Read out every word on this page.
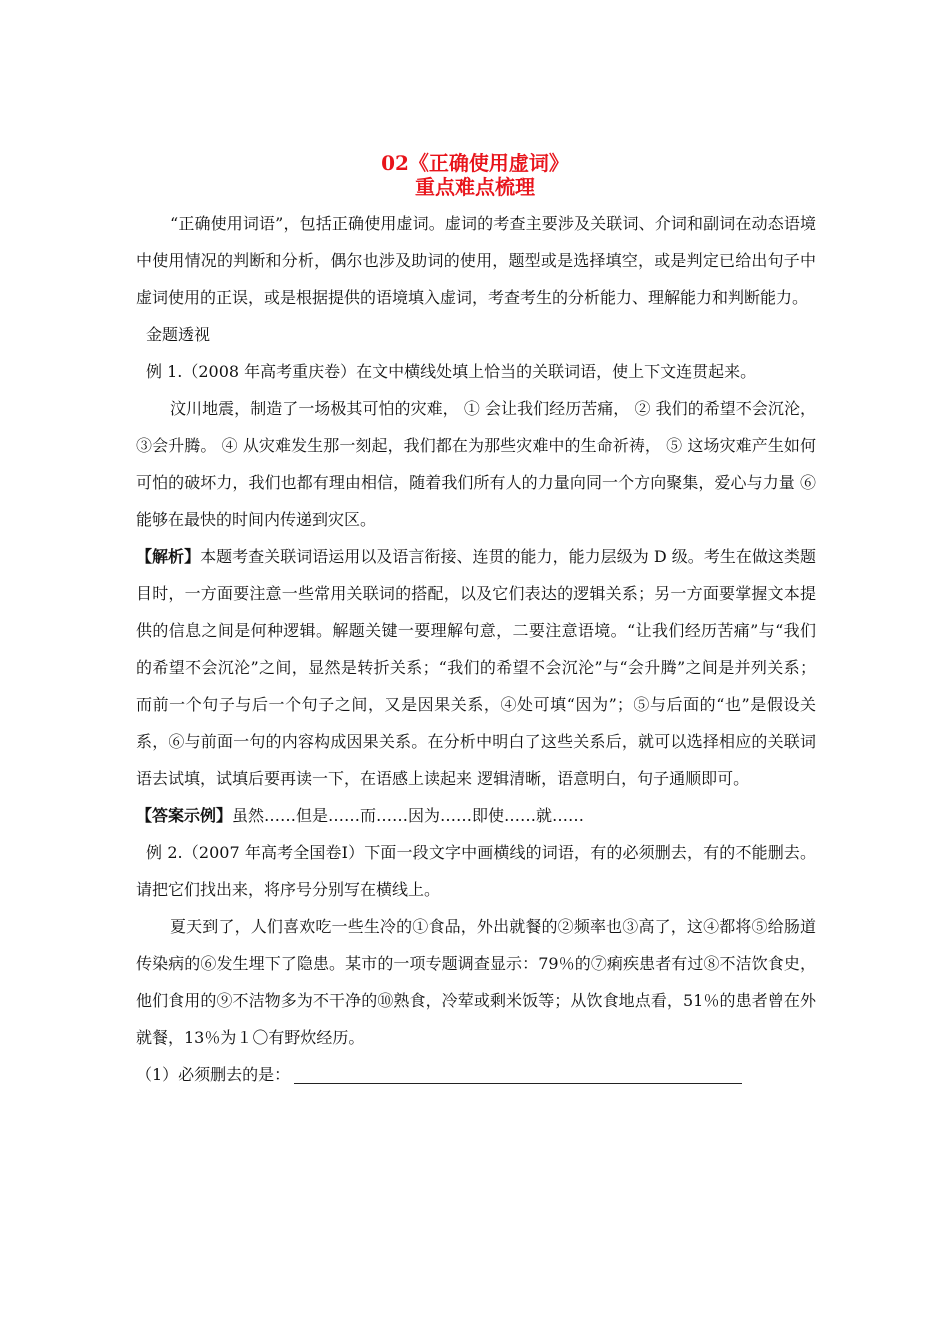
02《正确使用虚词》
重点难点梳理

“正确使用词语”，包括正确使用虚词。虚词的考查主要涉及关联词、介词和副词在动态语境中使用情况的判断和分析，偶尔也涉及助词的使用，题型或是选择填空，或是判定已给出句子中虚词使用的正误，或是根据提供的语境填入虚词，考查考生的分析能力、理解能力和判断能力。

金题透视

例 1.（2008 年高考重庆卷）在文中横线处填上恰当的关联词语，使上下文连贯起来。

汶川地震，制造了一场极其可怕的灾难， ① 会让我们经历苦痛， ② 我们的希望不会沉沦， ③会升腾。 ④ 从灾难发生那一刻起，我们都在为那些灾难中的生命祈祷， ⑤ 这场灾难产生如何可怕的破坏力，我们也都有理由相信，随着我们所有人的力量向同一个方向聚集，爱心与力量 ⑥ 能够在最快的时间内传递到灾区。

【解析】本题考查关联词语运用以及语言衔接、连贯的能力，能力层级为 D 级。考生在做这类题目时，一方面要注意一些常用关联词的搭配，以及它们表达的逻辑关系；另一方面要掌握文本提供的信息之间是何种逻辑。解题关键一要理解句意，二要注意语境。“让我们经历苦痛”与“我们的希望不会沉沦”之间，显然是转折关系；“我们的希望不会沉沦”与“会升腾”之间是并列关系；而前一个句子与后一个句子之间，又是因果关系，④处可填“因为”；⑤与后面的“也”是假设关系，⑥与前面一句的内容构成因果关系。在分析中明白了这些关系后，就可以选择相应的关联词语去试填，试填后要再读一下，在语感上读起来 逻辑清晰，语意明白，句子通顺即可。

【答案示例】虽然……但是……而……因为……即使……就……

例 2.（2007 年高考全国卷Ⅰ）下面一段文字中画横线的词语，有的必须删去，有的不能删去。请把它们找出来，将序号分别写在横线上。

夏天到了，人们喜欢吃一些生冷的①食品，外出就餐的②频率也③高了，这④都将⑤给肠道传染病的⑥发生埋下了隐患。某市的一项专题调查显示：79％的⑦痢疾患者有过⑧不洁饮食史，他们食用的⑨不洁物多为不干净的⑩熟食，冷荤或剩米饭等；从饮食地点看，51％的患者曾在外就餐，13％为１〇有野炊经历。

（1）必须删去的是：
